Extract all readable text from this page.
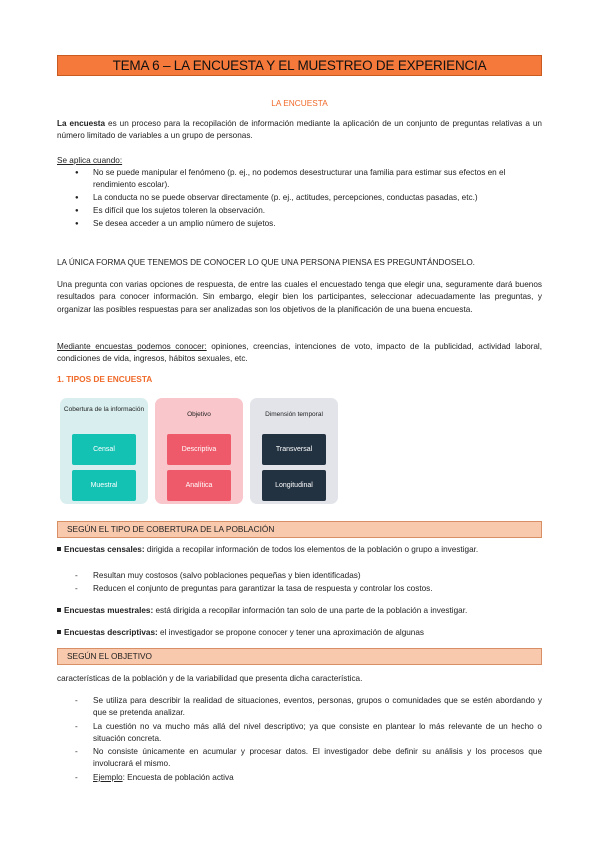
TEMA 6 – LA ENCUESTA Y EL MUESTREO DE EXPERIENCIA
LA ENCUESTA

La encuesta es un proceso para la recopilación de información mediante la aplicación de un conjunto de preguntas relativas a un número limitado de variables a un grupo de personas.

Se aplica cuando:

● No se puede manipular el fenómeno (p. ej., no podemos desestructurar una familia para estimar sus efectos en el rendimiento escolar).
● La conducta no se puede observar directamente (p. ej., actitudes, percepciones, conductas pasadas, etc.)
● Es difícil que los sujetos toleren la observación.
● Se desea acceder a un amplio número de sujetos.

LA ÚNICA FORMA QUE TENEMOS DE CONOCER LO QUE UNA PERSONA PIENSA ES PREGUNTÁNDOSELO.

Una pregunta con varias opciones de respuesta, de entre las cuales el encuestado tenga que elegir una, seguramente dará buenos resultados para conocer información. Sin embargo, elegir bien los participantes, seleccionar adecuadamente las preguntas, y organizar las posibles respuestas para ser analizadas son los objetivos de la planificación de una buena encuesta.

Mediante encuestas podemos conocer: opiniones, creencias, intenciones de voto, impacto de la publicidad, actividad laboral, condiciones de vida, ingresos, hábitos sexuales, etc.

1. TIPOS DE ENCUESTA
Cobertura de la información
Censal
Muestral
Objetivo
Descriptiva
Analítica
Dimensión temporal
Transversal
Longitudinal
SEGÚN EL TIPO DE COBERTURA DE LA POBLACIÓN

Encuestas censales: dirigida a recopilar información de todos los elementos de la población o grupo a investigar.

- Resultan muy costosos (salvo poblaciones pequeñas y bien identificadas)
- Reducen el conjunto de preguntas para garantizar la tasa de respuesta y controlar los costos.

Encuestas muestrales: está dirigida a recopilar información tan solo de una parte de la población a investigar.

Encuestas descriptivas: el investigador se propone conocer y tener una aproximación de algunas

SEGÚN EL OBJETIVO

características de la población y de la variabilidad que presenta dicha característica.

- Se utiliza para describir la realidad de situaciones, eventos, personas, grupos o comunidades que se estén abordando y que se pretenda analizar.
- La cuestión no va mucho más allá del nivel descriptivo; ya que consiste en plantear lo más relevante de un hecho o situación concreta.
- No consiste únicamente en acumular y procesar datos. El investigador debe definir su análisis y los procesos que involucrará el mismo.
- Ejemplo: Encuesta de población activa
